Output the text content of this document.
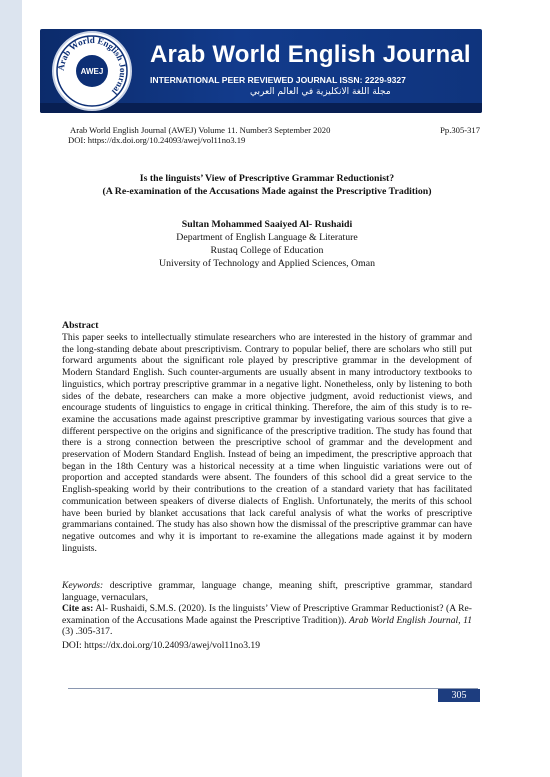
Arab World English Journal
AWEJ
Arab World English Journal
INTERNATIONAL PEER REVIEWED JOURNAL ISSN: 2229-9327
مجلة اللغة الانكليزية في العالم العربي
Arab World English Journal (AWEJ) Volume 11. Number3 September 2020	Pp.305-317
DOI: https://dx.doi.org/10.24093/awej/vol11no3.19
Is the linguists’ View of Prescriptive Grammar Reductionist?
(A Re-examination of the Accusations Made against the Prescriptive Tradition)
Sultan Mohammed Saaiyed Al- Rushaidi
Department of English Language & Literature
Rustaq College of Education
University of Technology and Applied Sciences, Oman
Abstract

This paper seeks to intellectually stimulate researchers who are interested in the history of grammar and the long-standing debate about prescriptivism. Contrary to popular belief, there are scholars who still put forward arguments about the significant role played by prescriptive grammar in the development of Modern Standard English. Such counter-arguments are usually absent in many introductory textbooks to linguistics, which portray prescriptive grammar in a negative light. Nonetheless, only by listening to both sides of the debate, researchers can make a more objective judgment, avoid reductionist views, and encourage students of linguistics to engage in critical thinking. Therefore, the aim of this study is to re-examine the accusations made against prescriptive grammar by investigating various sources that give a different perspective on the origins and significance of the prescriptive tradition. The study has found that there is a strong connection between the prescriptive school of grammar and the development and preservation of Modern Standard English. Instead of being an impediment, the prescriptive approach that began in the 18th Century was a historical necessity at a time when linguistic variations were out of proportion and accepted standards were absent. The founders of this school did a great service to the English-speaking world by their contributions to the creation of a standard variety that has facilitated communication between speakers of diverse dialects of English. Unfortunately, the merits of this school have been buried by blanket accusations that lack careful analysis of what the works of prescriptive grammarians contained. The study has also shown how the dismissal of the prescriptive grammar can have negative outcomes and why it is important to re-examine the allegations made against it by modern linguists.

Keywords: descriptive grammar, language change, meaning shift, prescriptive grammar, standard language, vernaculars,
Cite as: Al- Rushaidi, S.M.S. (2020). Is the linguists’ View of Prescriptive Grammar Reductionist? (A Re-examination of the Accusations Made against the Prescriptive Tradition)). Arab World English Journal, 11 (3) .305-317.
DOI: https://dx.doi.org/10.24093/awej/vol11no3.19
305
